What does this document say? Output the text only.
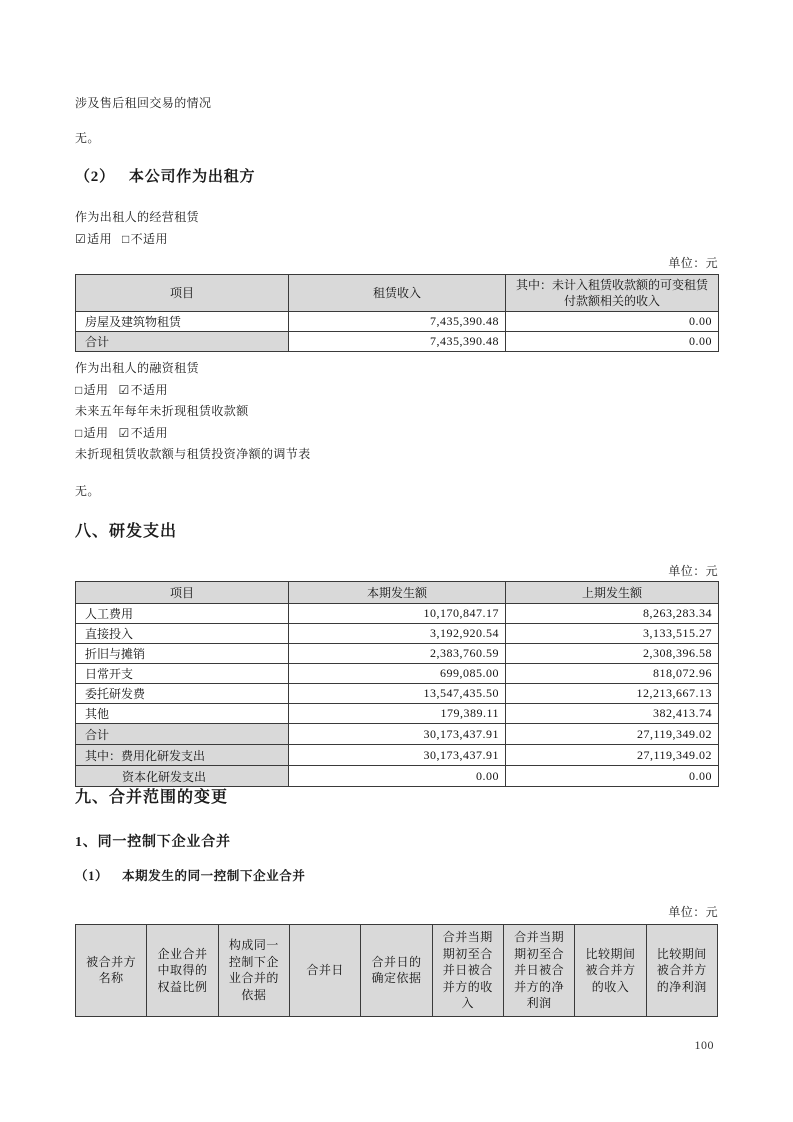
涉及售后租回交易的情况
无。
（2） 本公司作为出租方
作为出租人的经营租赁
☑适用 □不适用
单位：元
项目	租赁收入	其中：未计入租赁收款额的可变租赁付款额相关的收入
房屋及建筑物租赁	7,435,390.48	0.00
合计	7,435,390.48	0.00
作为出租人的融资租赁
□适用 ☑不适用
未来五年每年未折现租赁收款额
□适用 ☑不适用
未折现租赁收款额与租赁投资净额的调节表
无。
八、研发支出
单位：元
项目	本期发生额	上期发生额
人工费用	10,170,847.17	8,263,283.34
直接投入	3,192,920.54	3,133,515.27
折旧与摊销	2,383,760.59	2,308,396.58
日常开支	699,085.00	818,072.96
委托研发费	13,547,435.50	12,213,667.13
其他	179,389.11	382,413.74
合计	30,173,437.91	27,119,349.02
其中：费用化研发支出	30,173,437.91	27,119,349.02
资本化研发支出	0.00	0.00
九、合并范围的变更
1、同一控制下企业合并
（1） 本期发生的同一控制下企业合并
单位：元
被合并方名称	企业合并中取得的权益比例	构成同一控制下企业合并的依据	合并日	合并日的确定依据	合并当期期初至合并日被合并方的收入	合并当期期初至合并日被合并方的净利润	比较期间被合并方的收入	比较期间被合并方的净利润
100
